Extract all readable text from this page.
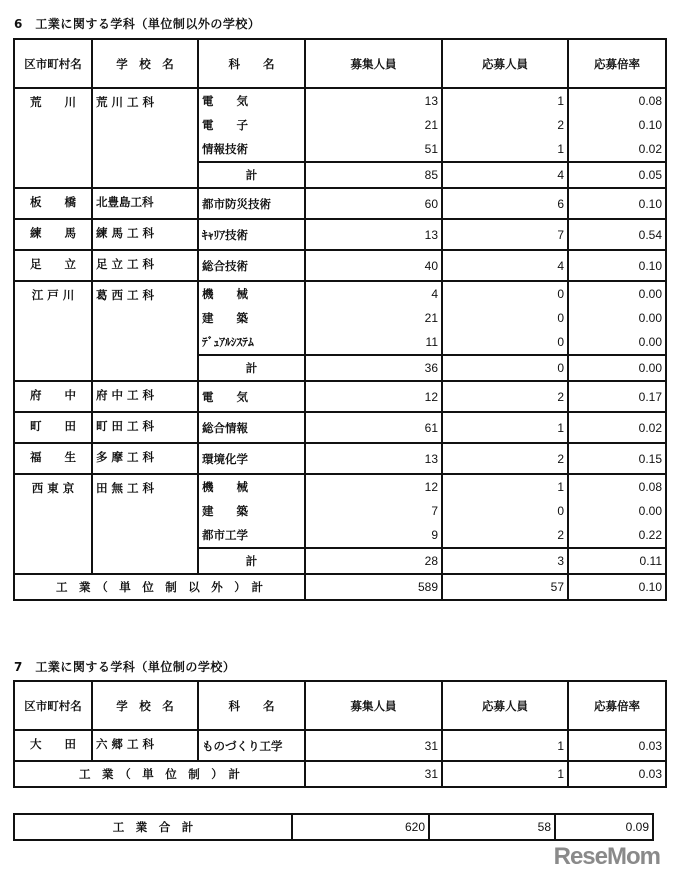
6　工業に関する学科（単位制以外の学校）
区市町村名	学　校　名	科　　名	募集人員	応募人員	応募倍率
荒　　川	荒 川 工 科	電　　気	13	1	0.08
		電　　子	21	2	0.10
		情報技術	51	1	0.02
		計	85	4	0.05
板　　橋	北豊島工科	都市防災技術	60	6	0.10
練　　馬	練 馬 工 科	ｷｬﾘｱ技術	13	7	0.54
足　　立	足 立 工 科	総合技術	40	4	0.10
江 戸 川	葛 西 工 科	機　　械	4	0	0.00
		建　　築	21	0	0.00
		ﾃﾞｭｱﾙｼｽﾃﾑ	11	0	0.00
		計	36	0	0.00
府　　中	府 中 工 科	電　　気	12	2	0.17
町　　田	町 田 工 科	総合情報	61	1	0.02
福　　生	多 摩 工 科	環境化学	13	2	0.15
西 東 京	田 無 工 科	機　　械	12	1	0.08
		建　　築	7	0	0.00
		都市工学	9	2	0.22
		計	28	3	0.11
工　業　（　単　位　制　以　外　）　計			589	57	0.10
7　工業に関する学科（単位制の学校）
区市町村名	学　校　名	科　　名	募集人員	応募人員	応募倍率
大　　田	六 郷 工 科	ものづくり工学	31	1	0.03
工　業　（　単　位　制　）　計			31	1	0.03
工　業　合　計	620	58	0.09
ReseMom
